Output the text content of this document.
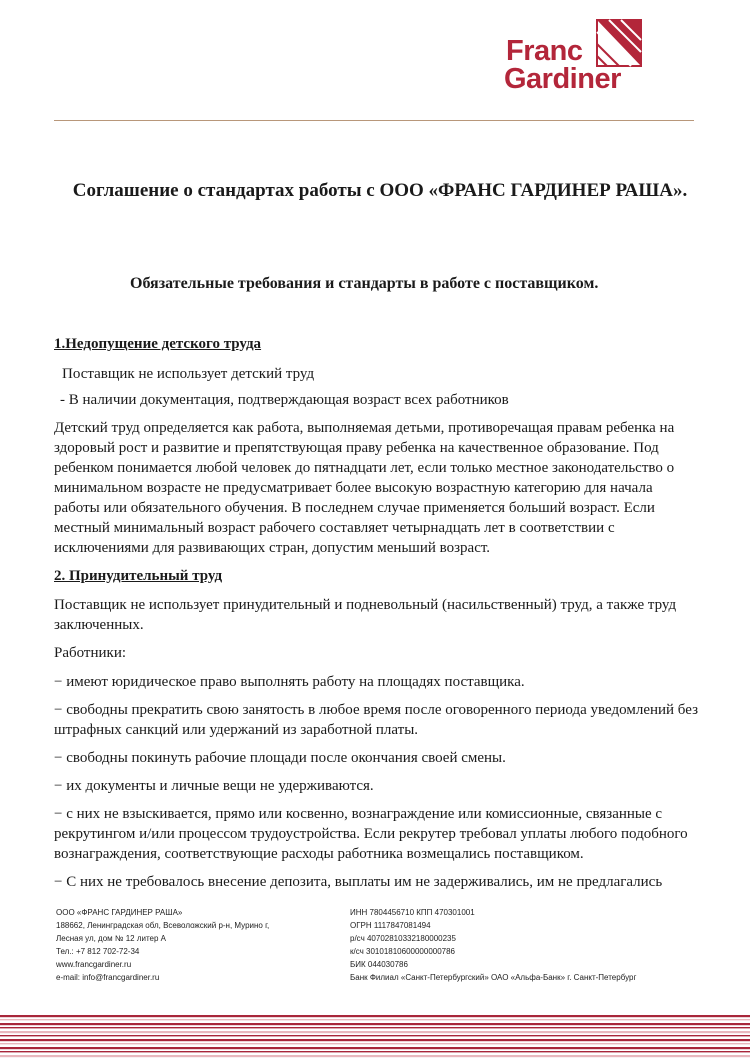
Franc
Gardiner
Соглашение о стандартах работы с ООО «ФРАНС ГАРДИНЕР РАША».
Обязательные требования и стандарты в работе с поставщиком.

1.Недопущение детского труда

Поставщик не использует детский труд

- В наличии документация, подтверждающая возраст всех работников

Детский труд определяется как работа, выполняемая детьми, противоречащая правам ребенка на здоровый рост и развитие и препятствующая праву ребенка на качественное образование. Под ребенком понимается любой человек до пятнадцати лет, если только местное законодательство о минимальном возрасте не предусматривает более высокую возрастную категорию для начала работы или обязательного обучения. В последнем случае применяется больший возраст. Если местный минимальный возраст рабочего составляет четырнадцать лет в соответствии с исключениями для развивающих стран, допустим меньший возраст.

2. Принудительный труд

Поставщик не использует принудительный и подневольный (насильственный) труд, а также труд заключенных.

Работники:

− имеют юридическое право выполнять работу на площадях поставщика.

− свободны прекратить свою занятость в любое время после оговоренного периода уведомлений без штрафных санкций или удержаний из заработной платы.

− свободны покинуть рабочие площади после окончания своей смены.

− их документы и личные вещи не удерживаются.

− с них не взыскивается, прямо или косвенно, вознаграждение или комиссионные, связанные с рекрутингом и/или процессом трудоустройства. Если рекрутер требовал уплаты любого подобного вознаграждения, соответствующие расходы работника возмещались поставщиком.

− С них не требовалось внесение депозита, выплаты им не задерживались, им не предлагались

ООО «ФРАНС ГАРДИНЕР РАША»
188662, Ленинградская обл, Всеволожский р-н, Мурино г,
Лесная ул, дом № 12 литер А
Тел.: +7 812 702-72-34
www.francgardiner.ru
e-mail: info@francgardiner.ru
ИНН 7804456710 КПП 470301001
ОГРН 1117847081494
р/сч 40702810332180000235
к/сч 30101810600000000786
БИК 044030786
Банк Филиал «Санкт-Петербургский» ОАО «Альфа-Банк» г. Санкт-Петербург
